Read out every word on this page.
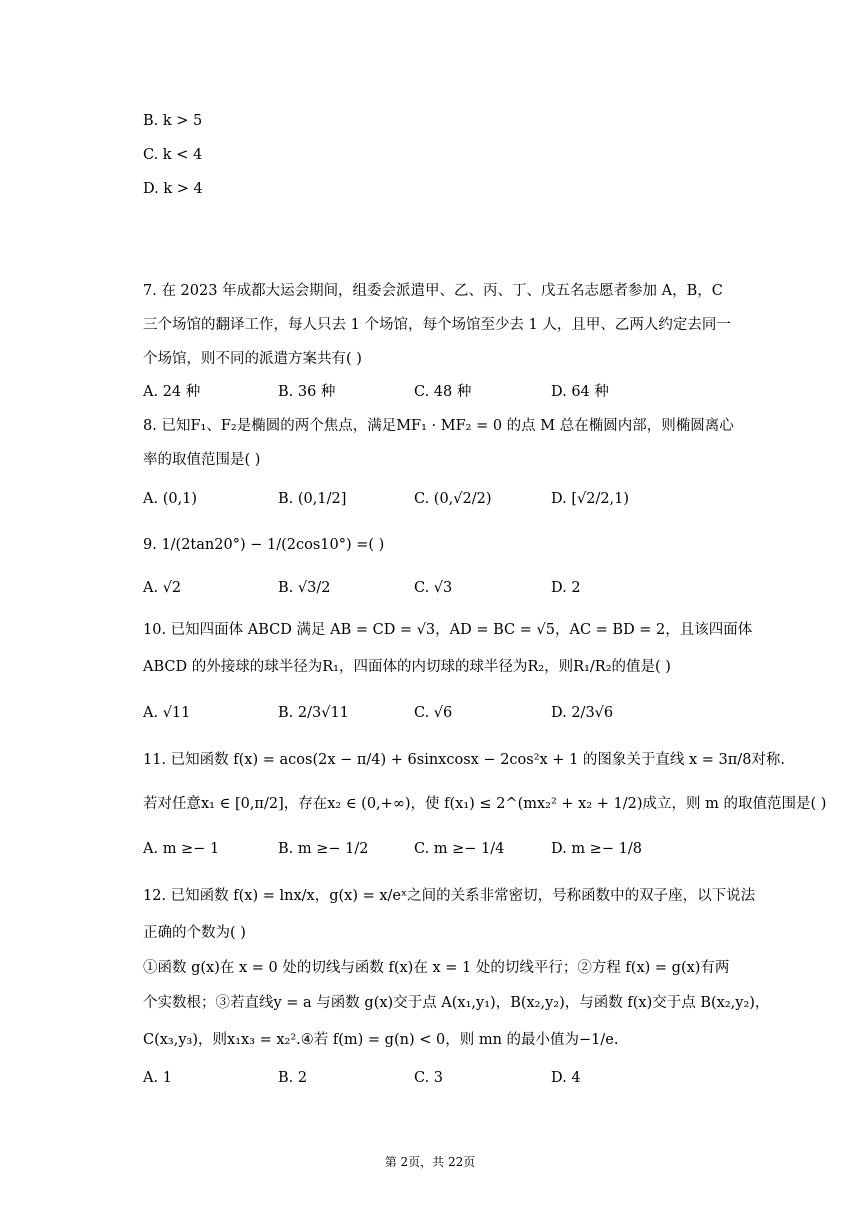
B. k > 5
C. k < 4
D. k > 4
7. 在 2023 年成都大运会期间，组委会派遣甲、乙、丙、丁、戊五名志愿者参加 A，B，C
三个场馆的翻译工作，每人只去 1 个场馆，每个场馆至少去 1 人，且甲、乙两人约定去同一
个场馆，则不同的派遣方案共有( )
A. 24 种	B. 36 种	C. 48 种	D. 64 种
8. 已知F₁、F₂是椭圆的两个焦点，满足MF₁ · MF₂ = 0 的点 M 总在椭圆内部，则椭圆离心
率的取值范围是( )
A. (0,1)	B. (0,1/2]	C. (0,√2/2)	D. [√2/2,1)
9. 1/(2tan20°) − 1/(2cos10°) =( )
A. √2	B. √3/2	C. √3	D. 2
10. 已知四面体 ABCD 满足 AB = CD = √3，AD = BC = √5，AC = BD = 2，且该四面体
ABCD 的外接球的球半径为R₁，四面体的内切球的球半径为R₂，则R₁/R₂的值是( )
A. √11	B. 2/3√11	C. √6	D. 2/3√6
11. 已知函数 f(x) = acos(2x − π/4) + 6sinxcosx − 2cos²x + 1 的图象关于直线 x = 3π/8对称.
若对任意x₁ ∈ [0,π/2]，存在x₂ ∈ (0,+∞)，使 f(x₁) ≤ 2^(mx₂² + x₂ + 1/2)成立，则 m 的取值范围是( )
A. m ≥− 1	B. m ≥− 1/2	C. m ≥− 1/4	D. m ≥− 1/8
12. 已知函数 f(x) = lnx/x，g(x) = x/eˣ之间的关系非常密切，号称函数中的双子座，以下说法
正确的个数为( )
①函数 g(x)在 x = 0 处的切线与函数 f(x)在 x = 1 处的切线平行；②方程 f(x) = g(x)有两
个实数根；③若直线y = a 与函数 g(x)交于点 A(x₁,y₁)，B(x₂,y₂)，与函数 f(x)交于点 B(x₂,y₂)，
C(x₃,y₃)，则x₁x₃ = x₂².④若 f(m) = g(n) < 0，则 mn 的最小值为−1/e.
A. 1	B. 2	C. 3	D. 4
第 2页，共 22页
